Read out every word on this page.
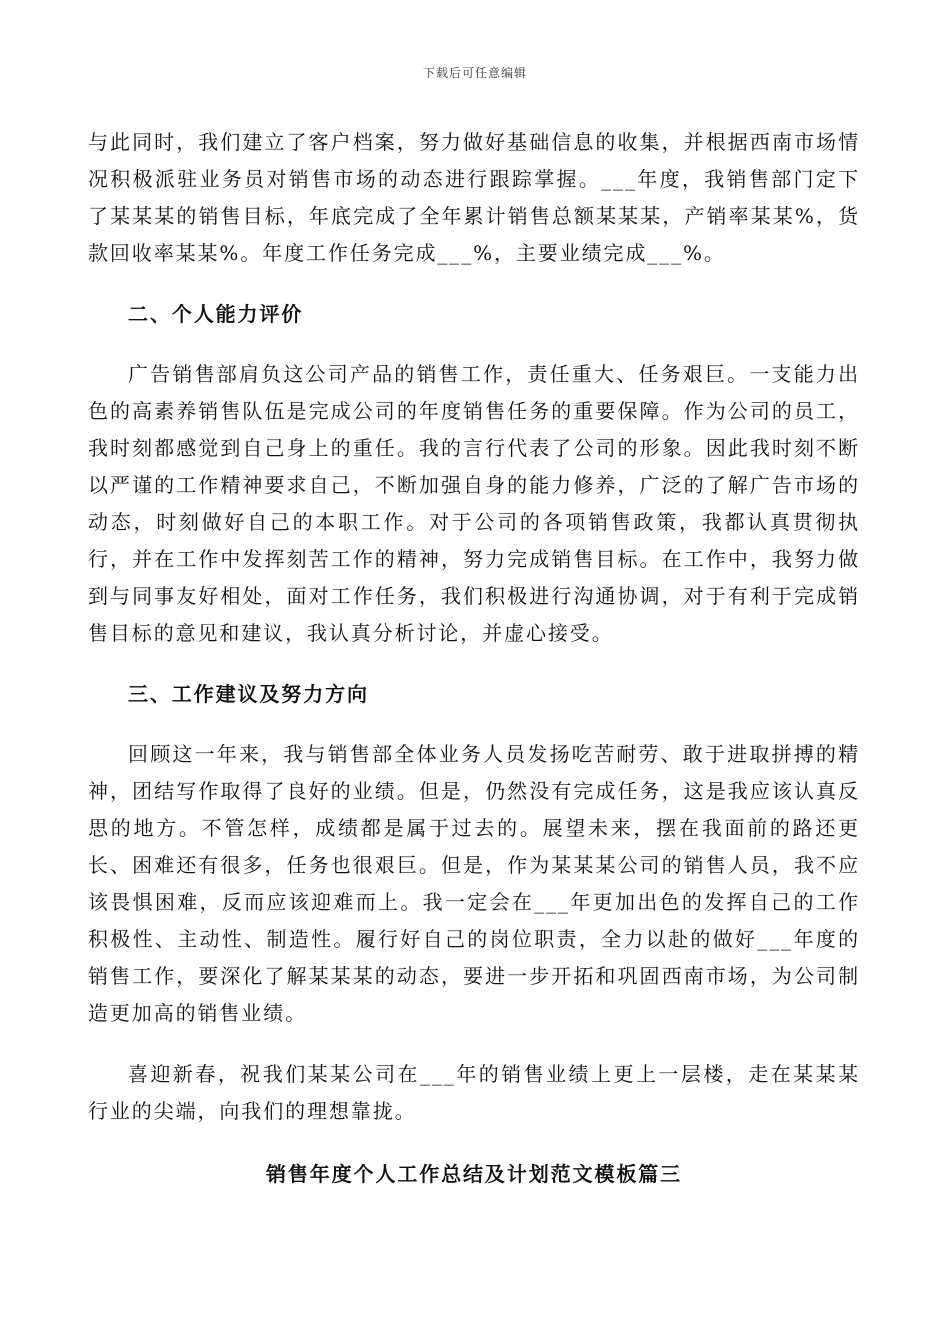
下载后可任意编辑

与此同时，我们建立了客户档案，努力做好基础信息的收集，并根据西南市场情况积极派驻业务员对销售市场的动态进行跟踪掌握。___年度，我销售部门定下了某某某的销售目标，年底完成了全年累计销售总额某某某，产销率某某%，货款回收率某某%。年度工作任务完成___%，主要业绩完成___%。

二、个人能力评价

广告销售部肩负这公司产品的销售工作，责任重大、任务艰巨。一支能力出色的高素养销售队伍是完成公司的年度销售任务的重要保障。作为公司的员工，我时刻都感觉到自己身上的重任。我的言行代表了公司的形象。因此我时刻不断以严谨的工作精神要求自己，不断加强自身的能力修养，广泛的了解广告市场的动态，时刻做好自己的本职工作。对于公司的各项销售政策，我都认真贯彻执行，并在工作中发挥刻苦工作的精神，努力完成销售目标。在工作中，我努力做到与同事友好相处，面对工作任务，我们积极进行沟通协调，对于有利于完成销售目标的意见和建议，我认真分析讨论，并虚心接受。

三、工作建议及努力方向

回顾这一年来，我与销售部全体业务人员发扬吃苦耐劳、敢于进取拼搏的精神，团结写作取得了良好的业绩。但是，仍然没有完成任务，这是我应该认真反思的地方。不管怎样，成绩都是属于过去的。展望未来，摆在我面前的路还更长、困难还有很多，任务也很艰巨。但是，作为某某某公司的销售人员，我不应该畏惧困难，反而应该迎难而上。我一定会在___年更加出色的发挥自己的工作积极性、主动性、制造性。履行好自己的岗位职责，全力以赴的做好___年度的销售工作，要深化了解某某某的动态，要进一步开拓和巩固西南市场，为公司制造更加高的销售业绩。

喜迎新春，祝我们某某公司在___年的销售业绩上更上一层楼，走在某某某行业的尖端，向我们的理想靠拢。

销售年度个人工作总结及计划范文模板篇三
